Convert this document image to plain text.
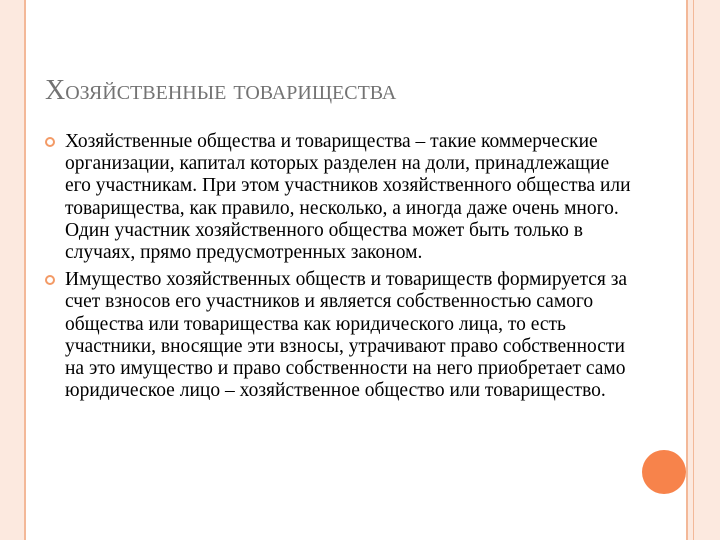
Хозяйственные товарищества
Хозяйственные общества и товарищества – такие коммерческие организации, капитал которых разделен на доли, принадлежащие его участникам. При этом участников хозяйственного общества или товарищества, как правило, несколько, а иногда даже очень много. Один участник хозяйственного общества может быть только в случаях, прямо предусмотренных законом.
Имущество хозяйственных обществ и товариществ формируется за счет взносов его участников и является собственностью самого общества или товарищества как юридического лица, то есть участники, вносящие эти взносы, утрачивают право собственности на это имущество и право собственности на него приобретает само юридическое лицо – хозяйственное общество или товарищество.
